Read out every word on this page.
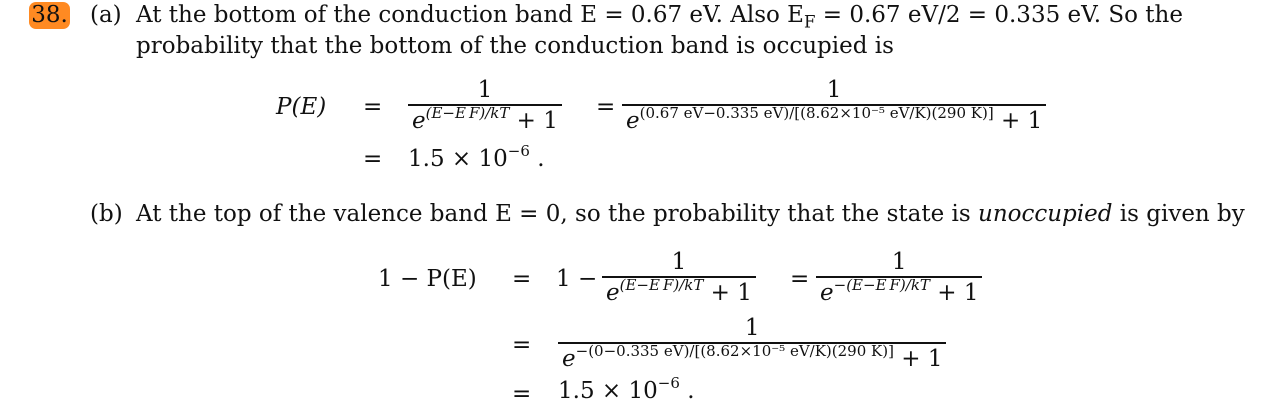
38. (a) At the bottom of the conduction band E = 0.67 eV. Also $E_F = 0.67$ eV/2 = 0.335 eV. So the
probability that the bottom of the conduction band is occupied is
P(E) =
1
$e^{(E-E F)/kT} + 1$
=
1
$e^{(0.67 eV-0.335 eV)/[(8.62\times 10^{-5} eV/K)(290 K)]} + 1$
= $1.5 \times 10^{-6}$ .
(b) At the top of the valence band E = 0, so the probability that the state is unoccupied is given by
1 − P(E) = 1 −
1
$e^{(E-E F)/kT} + 1$
=
1
$e^{-(E-E F)/kT} + 1$
=
1
$e^{-(0-0.335 eV)/[(8.62\times 10^{-5} eV/K)(290 K)]} + 1$
= $1.5 \times 10^{-6}$ .
